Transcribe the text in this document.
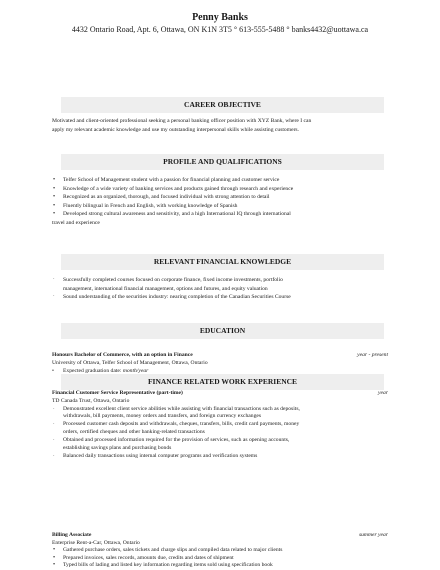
Penny Banks
4432 Ontario Road, Apt. 6, Ottawa, ON K1N 3T5 ° 613-555-5488 ° banks4432@uottawa.ca
CAREER OBJECTIVE
Motivated and client-oriented professional seeking a personal banking officer position with XYZ Bank, where I can
apply my relevant academic knowledge and use my outstanding interpersonal skills while assisting customers.
PROFILE AND QUALIFICATIONS
• Telfer School of Management student with a passion for financial planning and customer service
• Knowledge of a wide variety of banking services and products gained through research and experience
• Recognized as an organized, thorough, and focused individual with strong attention to detail
• Fluently bilingual in French and English, with working knowledge of Spanish
• Developed strong cultural awareness and sensitivity, and a high International IQ through international
travel and experience
RELEVANT FINANCIAL KNOWLEDGE
· Successfully completed courses focused on corporate finance, fixed income investments, portfolio
management, international financial management, options and futures, and equity valuation
· Sound understanding of the securities industry: nearing completion of the Canadian Securities Course
EDUCATION
Honours Bachelor of Commerce, with an option in Finance	year - present
University of Ottawa, Telfer School of Management, Ottawa, Ontario
• Expected graduation date: month/year
FINANCE RELATED WORK EXPERIENCE
Financial Customer Service Representative (part-time)	year
TD Canada Trust, Ottawa, Ontario
· Demonstrated excellent client service abilities while assisting with financial transactions such as deposits,
withdrawals, bill payments, money orders and transfers, and foreign currency exchanges
· Processed customer cash deposits and withdrawals, cheques, transfers, bills, credit card payments, money
orders, certified cheques and other banking-related transactions
· Obtained and processed information required for the provision of services, such as opening accounts,
establishing savings plans and purchasing bonds
· Balanced daily transactions using internal computer programs and verification systems
Billing Associate	summer year
Enterprise Rent-a-Car, Ottawa, Ontario
• Gathered purchase orders, sales tickets and charge slips and compiled data related to major clients
• Prepared invoices, sales records, amounts due, credits and dates of shipment
• Typed bills of lading and listed key information regarding items sold using specification book
